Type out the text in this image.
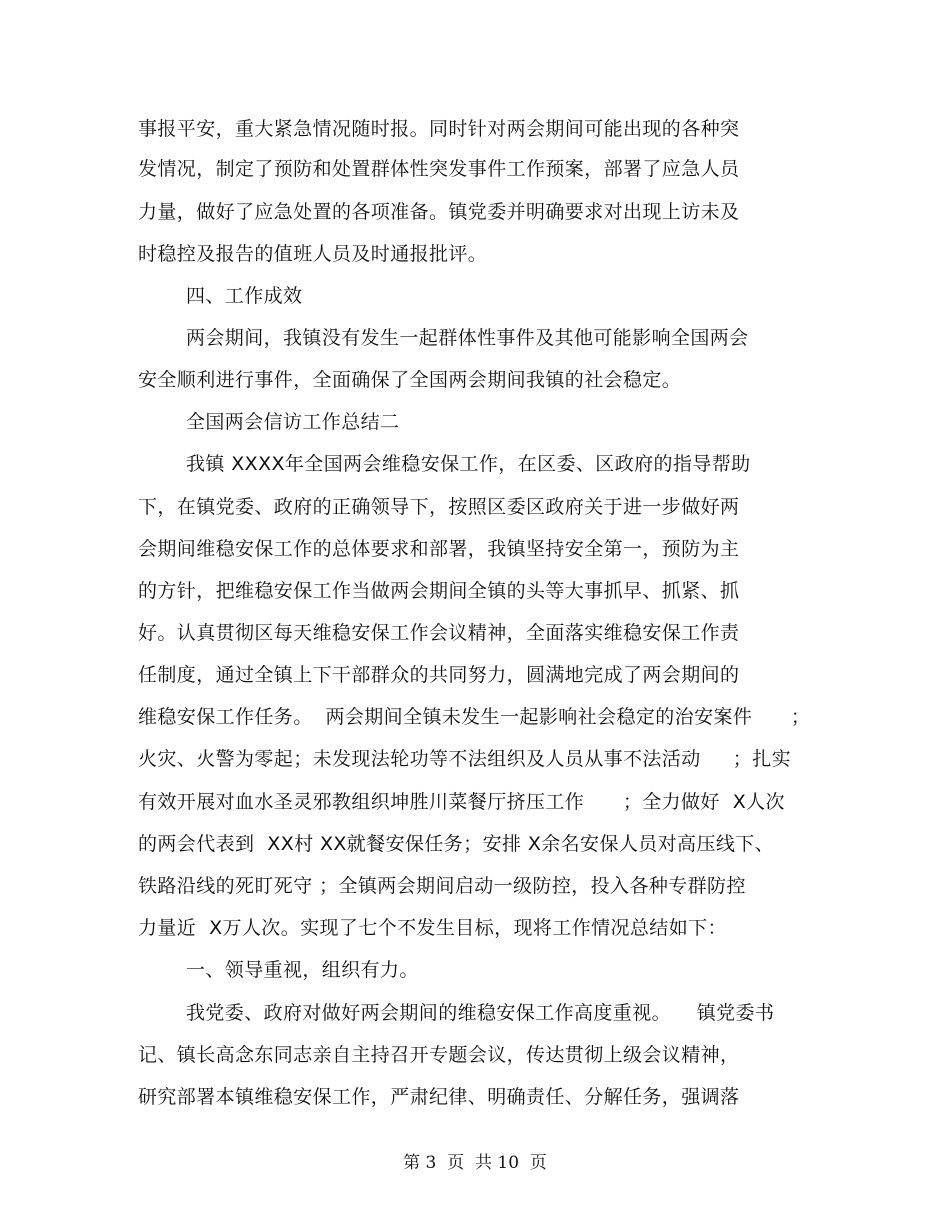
事报平安，重大紧急情况随时报。同时针对两会期间可能出现的各种突
发情况，制定了预防和处置群体性突发事件工作预案，部署了应急人员
力量，做好了应急处置的各项准备。镇党委并明确要求对出现上访未及
时稳控及报告的值班人员及时通报批评。
四、工作成效
两会期间，我镇没有发生一起群体性事件及其他可能影响全国两会
安全顺利进行事件，全面确保了全国两会期间我镇的社会稳定。
全国两会信访工作总结二
我镇 XXXX年全国两会维稳安保工作，在区委、区政府的指导帮助
下，在镇党委、政府的正确领导下，按照区委区政府关于进一步做好两
会期间维稳安保工作的总体要求和部署，我镇坚持安全第一，预防为主
的方针，把维稳安保工作当做两会期间全镇的头等大事抓早、抓紧、抓
好。认真贯彻区每天维稳安保工作会议精神，全面落实维稳安保工作责
任制度，通过全镇上下干部群众的共同努力，圆满地完成了两会期间的
维稳安保工作任务。  两会期间全镇未发生一起影响社会稳定的治安案件      ；
火灾、火警为零起；未发现法轮功等不法组织及人员从事不法活动     ；扎实
有效开展对血水圣灵邪教组织坤胜川菜餐厅挤压工作      ；全力做好  X人次
的两会代表到  XX村 XX就餐安保任务；安排 X余名安保人员对高压线下、
铁路沿线的死盯死守 ；全镇两会期间启动一级防控，投入各种专群防控
力量近  X万人次。实现了七个不发生目标，现将工作情况总结如下：
一、领导重视，组织有力。
我党委、政府对做好两会期间的维稳安保工作高度重视。    镇党委书
记、镇长高念东同志亲自主持召开专题会议，传达贯彻上级会议精神，
研究部署本镇维稳安保工作，严肃纪律、明确责任、分解任务，强调落
第 3  页  共 10  页
